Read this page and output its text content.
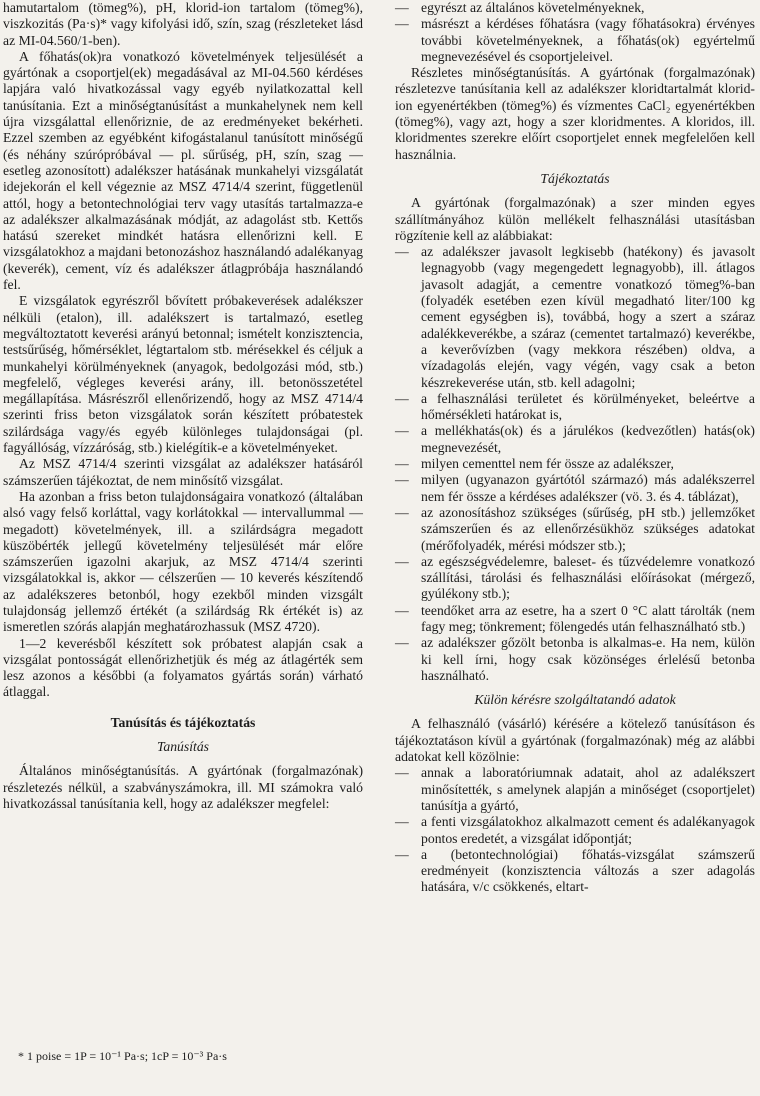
hamutartalom (tömeg%), pH, klorid-ion tartalom (tömeg%), viszkozitás (Pa·s)* vagy kifolyási idő, szín, szag (részleteket lásd az MI-04.560/1-ben).

A főhatás(ok)ra vonatkozó követelmények teljesülését a gyártónak a csoportjel(ek) megadásával az MI-04.560 kérdéses lapjára való hivatkozással vagy egyéb nyilatkozattal kell tanúsítania. Ezt a minőségtanúsítást a munkahelynek nem kell újra vizsgálattal ellenőriznie, de az eredményeket bekérheti. Ezzel szemben az egyébként kifogástalanul tanúsított minőségű (és néhány szúrópróbával — pl. sűrűség, pH, szín, szag — esetleg azonosított) adalékszer hatásának munkahelyi vizsgálatát idejekorán el kell végeznie az MSZ 4714/4 szerint, függetlenül attól, hogy a betontechnológiai terv vagy utasítás tartalmazza-e az adalékszer alkalmazásának módját, az adagolást stb. Kettős hatású szereket mindkét hatásra ellenőrizni kell. E vizsgálatokhoz a majdani betonozáshoz használandó adalékanyag (keverék), cement, víz és adalékszer átlagpróbája használandó fel.

E vizsgálatok egyrészről bővített próbakeverések adalékszer nélküli (etalon), ill. adalékszert is tartalmazó, esetleg megváltoztatott keverési arányú betonnal; ismételt konzisztencia, testsűrűség, hőmérséklet, légtartalom stb. mérésekkel és céljuk a munkahelyi körülményeknek (anyagok, bedolgozási mód, stb.) megfelelő, végleges keverési arány, ill. betonösszetétel megállapítása. Másrészről ellenőrizendő, hogy az MSZ 4714/4 szerinti friss beton vizsgálatok során készített próbatestek szilárdsága vagy/és egyéb különleges tulajdonságai (pl. fagyállóság, vízzáróság, stb.) kielégítik-e a követelményeket.

Az MSZ 4714/4 szerinti vizsgálat az adalékszer hatásáról számszerűen tájékoztat, de nem minősítő vizsgálat.

Ha azonban a friss beton tulajdonságaira vonatkozó (általában alsó vagy felső korláttal, vagy korlátokkal — intervallummal — megadott) követelmények, ill. a szilárdságra megadott küszöbérték jellegű követelmény teljesülését már előre számszerűen igazolni akarjuk, az MSZ 4714/4 szerinti vizsgálatokkal is, akkor — célszerűen — 10 keverés készítendő az adalékszeres betonból, hogy ezekből minden vizsgált tulajdonság jellemző értékét (a szilárdság Rk értékét is) az ismeretlen szórás alapján meghatározhassuk (MSZ 4720).

1—2 keverésből készített sok próbatest alapján csak a vizsgálat pontosságát ellenőrizhetjük és még az átlagérték sem lesz azonos a későbbi (a folyamatos gyártás során) várható átlaggal.

Tanúsítás és tájékoztatás
Tanúsítás

Általános minőségtanúsítás. A gyártónak (forgalmazónak) részletezés nélkül, a szabványszámokra, ill. MI számokra való hivatkozással tanúsítania kell, hogy az adalékszer megfelel:

— egyrészt az általános követelményeknek,
— másrészt a kérdéses főhatásra (vagy főhatásokra) érvényes további követelményeknek, a főhatás(ok) egyértelmű megnevezésével és csoportjeleivel.

Részletes minőségtanúsítás. A gyártónak (forgalmazónak) részletezve tanúsítania kell az adalékszer kloridtartalmát klorid-ion egyenértékben (tömeg%) és vízmentes CaCl₂ egyenértékben (tömeg%), vagy azt, hogy a szer kloridmentes. A kloridos, ill. kloridmentes szerekre előírt csoportjelet ennek megfelelően kell használnia.

Tájékoztatás

A gyártónak (forgalmazónak) a szer minden egyes szállítmányához külön mellékelt felhasználási utasításban rögzítenie kell az alábbiakat:

— az adalékszer javasolt legkisebb (hatékony) és javasolt legnagyobb (vagy megengedett legnagyobb), ill. átlagos javasolt adagját, a cementre vonatkozó tömeg%-ban (folyadék esetében ezen kívül megadható liter/100 kg cement egységben is), továbbá, hogy a szert a száraz adalékkeverékbe, a száraz (cementet tartalmazó) keverékbe, a keverővízben (vagy mekkora részében) oldva, a vízadagolás elején, vagy végén, vagy csak a beton készrekeverése után, stb. kell adagolni;
— a felhasználási területet és körülményeket, beleértve a hőmérsékleti határokat is,
— a mellékhatás(ok) és a járulékos (kedvezőtlen) hatás(ok) megnevezését,
— milyen cementtel nem fér össze az adalékszer,
— milyen (ugyanazon gyártótól származó) más adalékszerrel nem fér össze a kérdéses adalékszer (vö. 3. és 4. táblázat),
— az azonosításhoz szükséges (sűrűség, pH stb.) jellemzőket számszerűen és az ellenőrzésükhöz szükséges adatokat (mérőfolyadék, mérési módszer stb.);
— az egészségvédelemre, baleset- és tűzvédelemre vonatkozó szállítási, tárolási és felhasználási előírásokat (mérgező, gyúlékony stb.);
— teendőket arra az esetre, ha a szert 0 °C alatt tárolták (nem fagy meg; tönkrement; fölengedés után felhasználható stb.)
— az adalékszer gőzölt betonba is alkalmas-e. Ha nem, külön ki kell írni, hogy csak közönséges érlelésű betonba használható.
Külön kérésre szolgáltatandó adatok

A felhasználó (vásárló) kérésére a kötelező tanúsításon és tájékoztatáson kívül a gyártónak (forgalmazónak) még az alábbi adatokat kell közölnie:

— annak a laboratóriumnak adatait, ahol az adalékszert minősítették, s amelynek alapján a minőséget (csoportjelet) tanúsítja a gyártó,
— a fenti vizsgálatokhoz alkalmazott cement és adalékanyagok pontos eredetét, a vizsgálat időpontját;
— a (betontechnológiai) főhatás-vizsgálat számszerű eredményeit (konzisztencia változás a szer adagolás hatására, v/c csökkenés, eltart-
* 1 poise = 1P = 10⁻¹ Pa·s; 1cP = 10⁻³ Pa·s
